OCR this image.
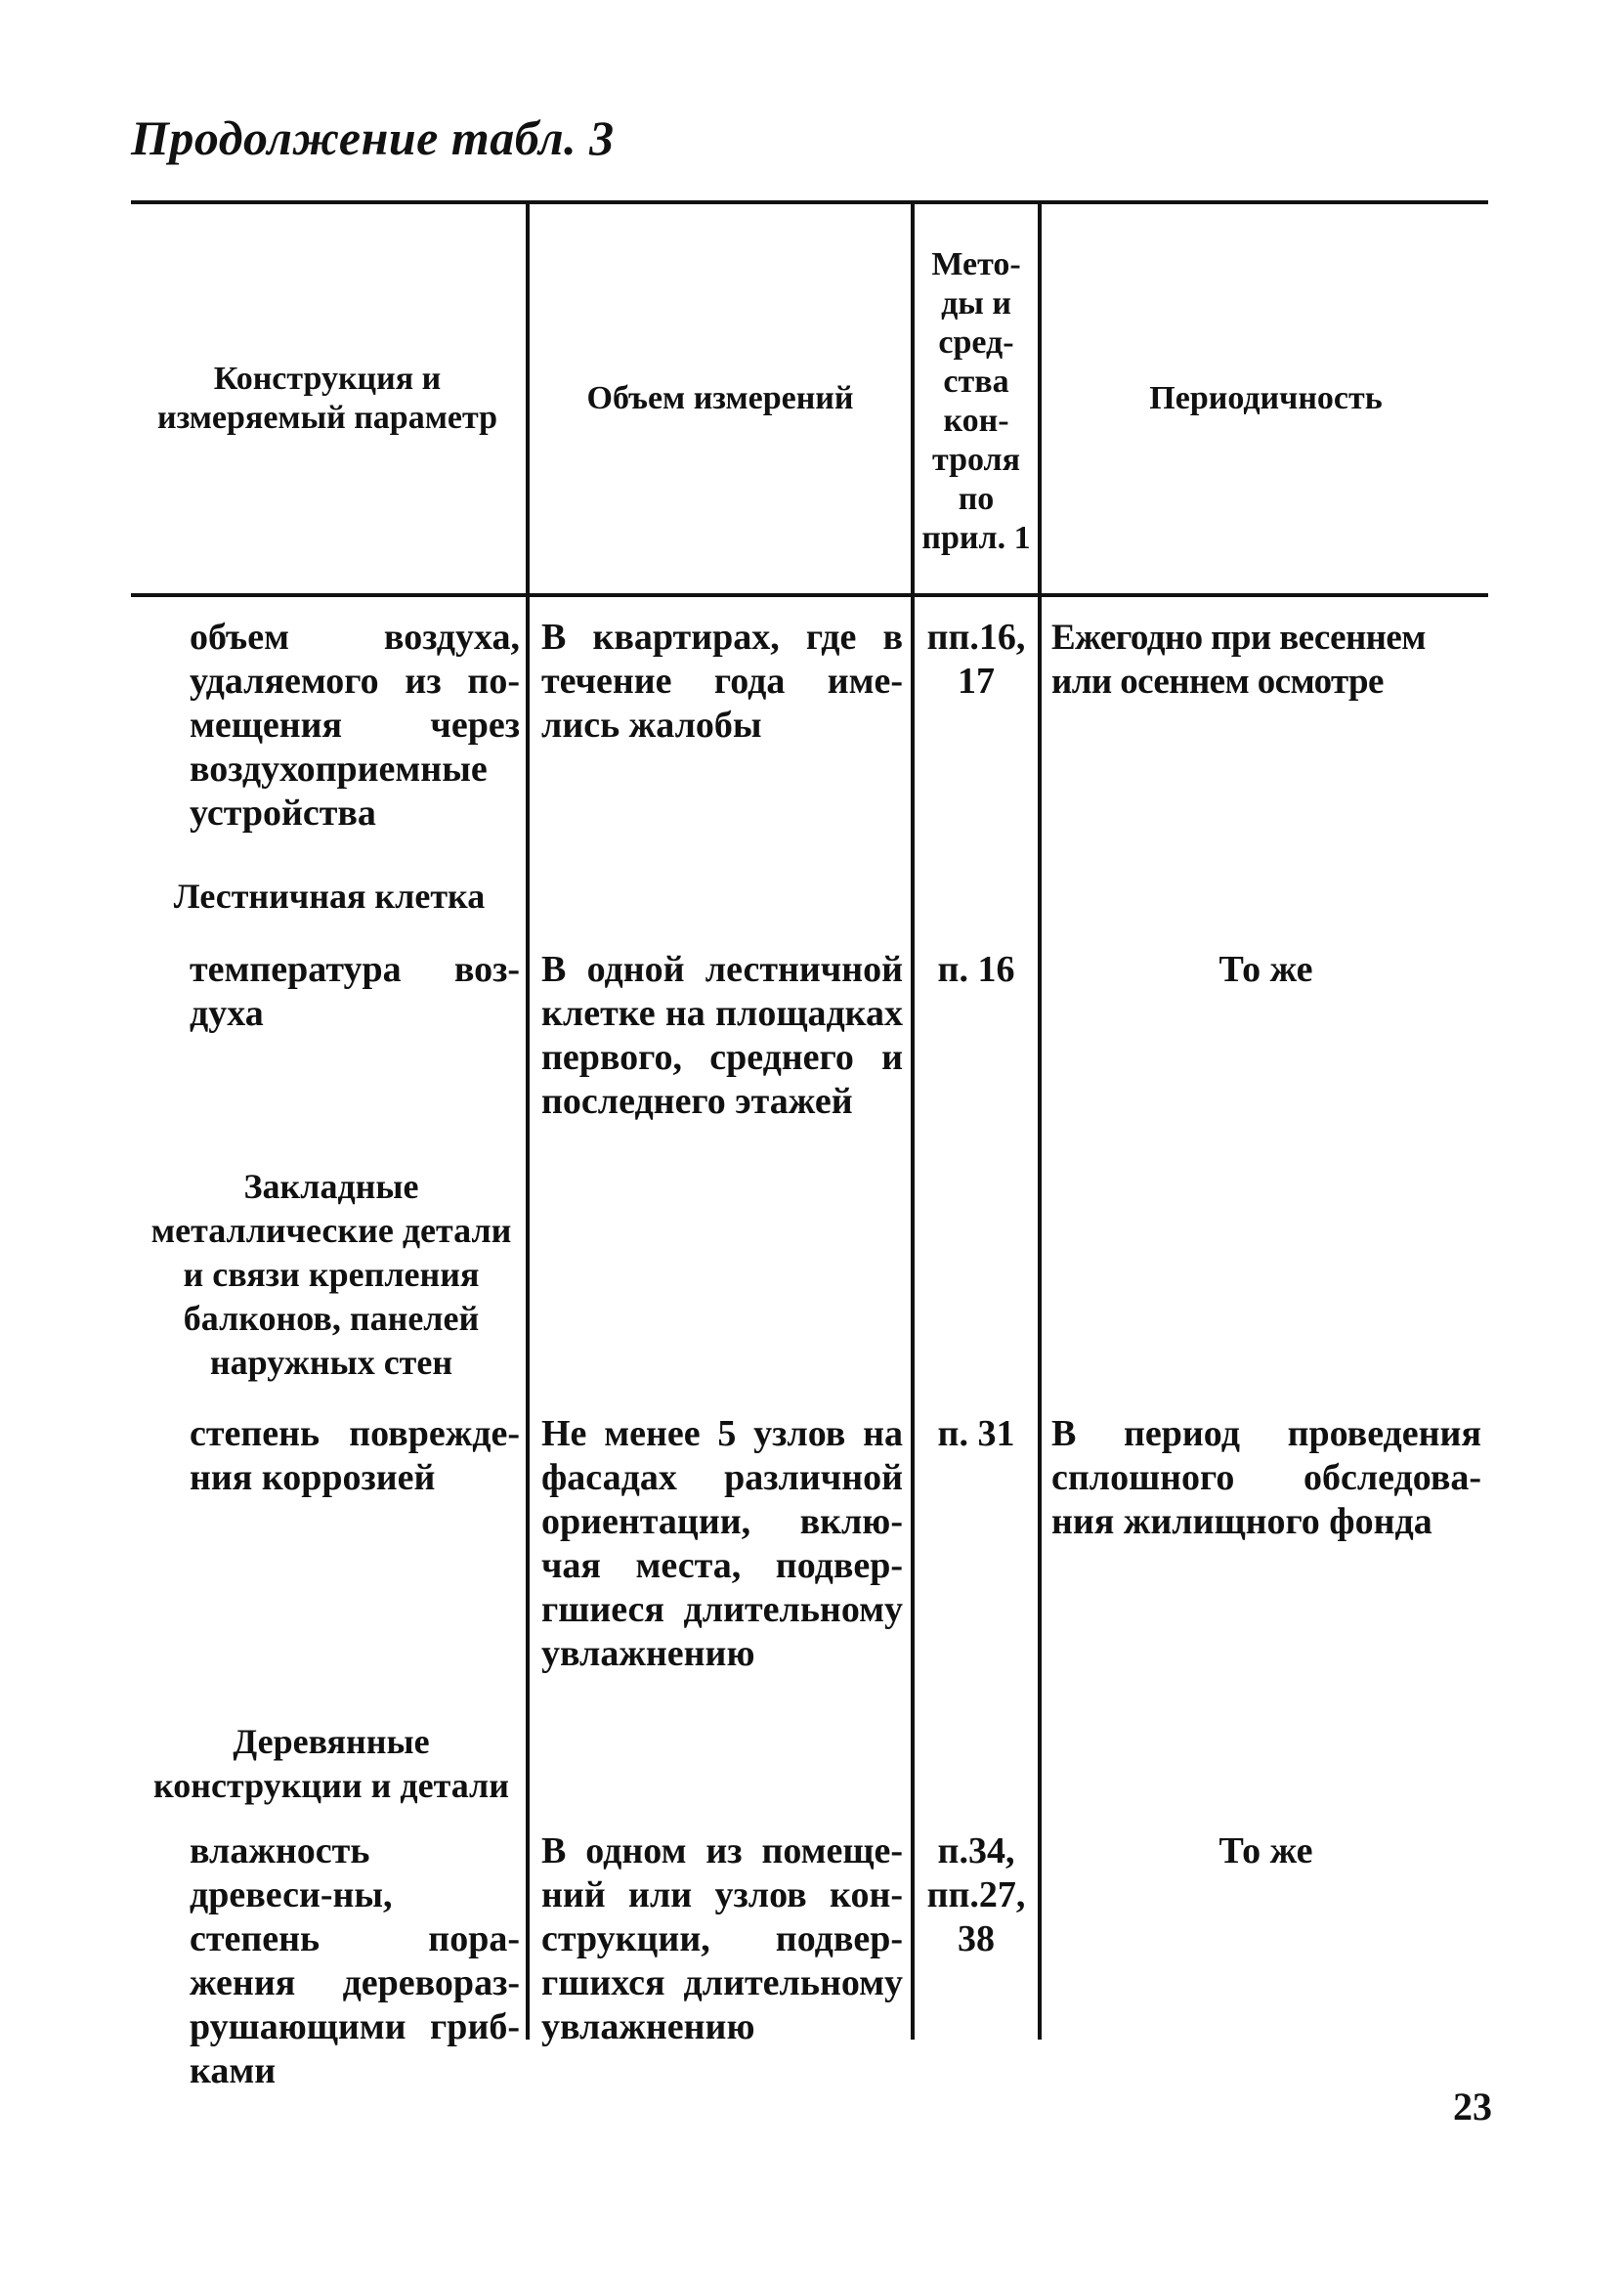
Продолжение табл. 3
Конструкция и измеряемый параметр
Объем измерений
Мето-ды и сред-ства кон-троля по прил. 1
Периодичность
объем воздуха, удаляемого из по-мещения через воздухоприемные устройства
В квартирах, где в течение года име-лись жалобы
пп.16, 17
Ежегодно при весеннем или осеннем осмотре
Лестничная клетка
температура воз-духа
В одной лестничной клетке на площадках первого, среднего и последнего этажей
п. 16	То же
Закладные металлические детали и связи крепления балконов, панелей наружных стен
степень поврежде-ния коррозией
Не менее 5 узлов на фасадах различной ориентации, вклю-чая места, подвер-гшиеся длительному увлажнению
п. 31 В период проведения сплошного обследова-ния жилищного фонда
Деревянные конструкции и детали
влажность древеси-ны, степень пора-жения деревораз-рушающими гриб-ками
В одном из помеще-ний или узлов кон-струкции, подвер-гшихся длительному увлажнению
п.34, пп.27, 38
То же
23
